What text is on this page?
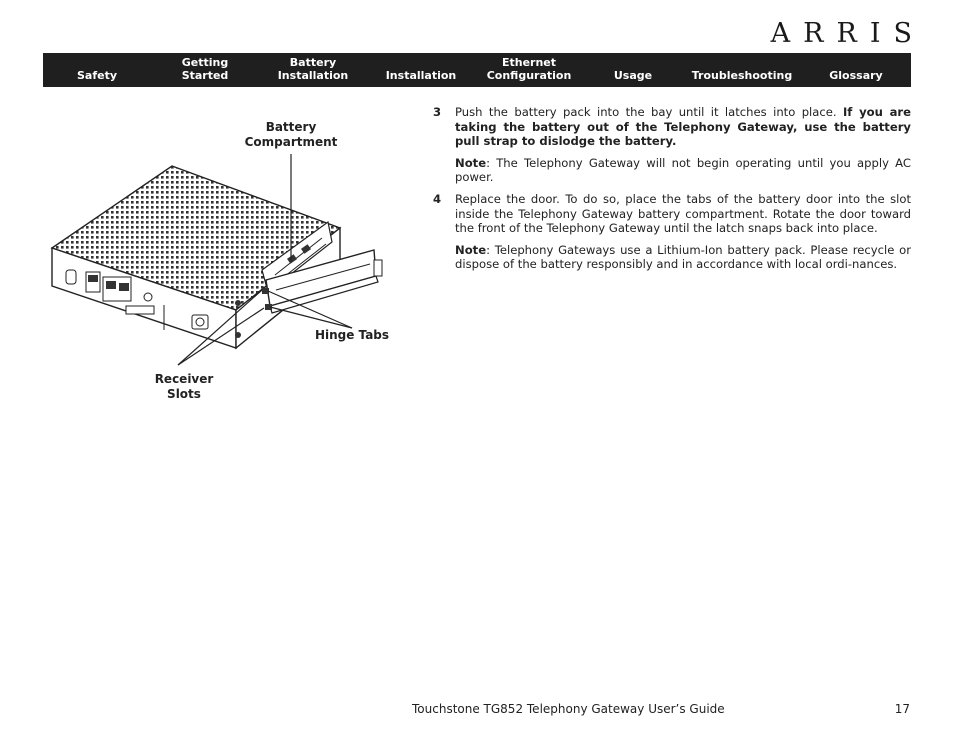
ARRIS
Safety
Getting
Started
Battery
Installation	Installation
Ethernet
Configuration	Usage	Troubleshooting	Glossary
Battery
Compartment
Hinge Tabs
Receiver
Slots
3	Push the battery pack into the bay until it latches into place. If you are taking the battery out of the Telephony Gateway, use the battery pull strap to dislodge the battery.
Note: The Telephony Gateway will not begin operating until you apply AC power.
4	Replace the door. To do so, place the tabs of the battery door into the slot inside the Telephony Gateway battery compartment. Rotate the door toward the front of the Telephony Gateway until the latch snaps back into place.
Note: Telephony Gateways use a Lithium-Ion battery pack. Please recycle or dispose of the battery responsibly and in accordance with local ordi-nances.
Touchstone TG852 Telephony Gateway User’s Guide	17
